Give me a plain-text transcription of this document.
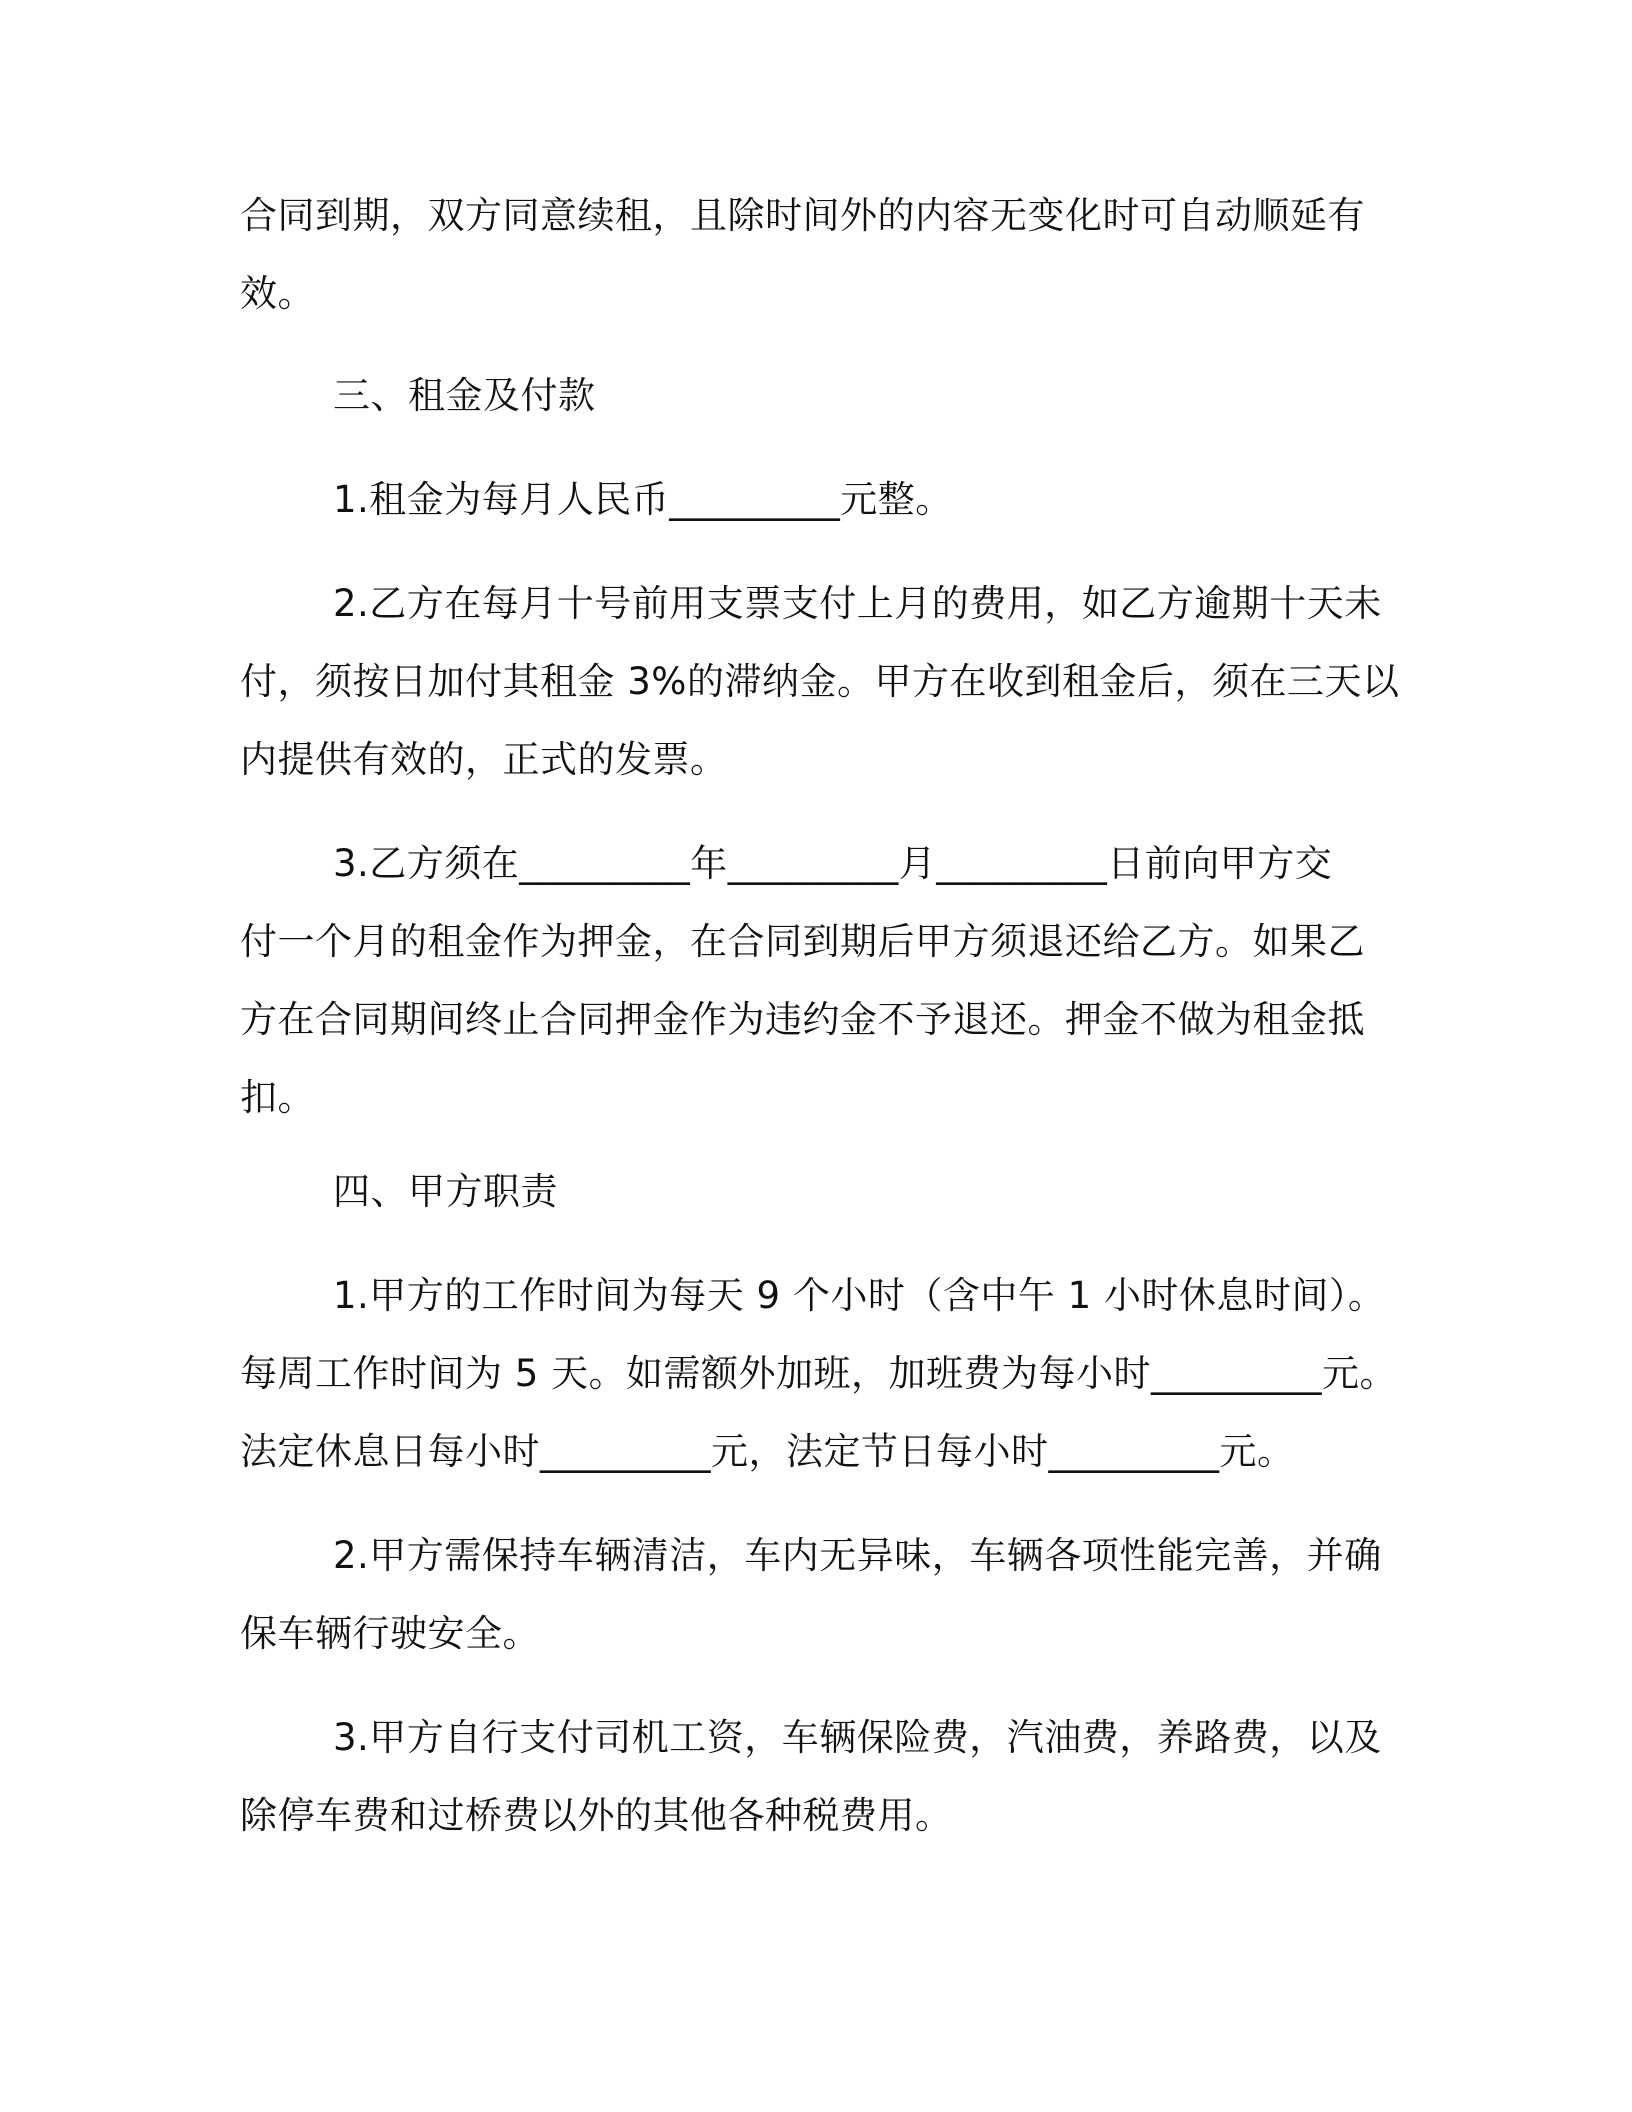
合同到期，双方同意续租，且除时间外的内容无变化时可自动顺延有
效。
三、租金及付款
1.租金为每月人民币_________元整。
2.乙方在每月十号前用支票支付上月的费用，如乙方逾期十天未
付，须按日加付其租金 3%的滞纳金。甲方在收到租金后，须在三天以
内提供有效的，正式的发票。
3.乙方须在_________年_________月_________日前向甲方交
付一个月的租金作为押金，在合同到期后甲方须退还给乙方。如果乙
方在合同期间终止合同押金作为违约金不予退还。押金不做为租金抵
扣。
四、甲方职责
1.甲方的工作时间为每天 9 个小时（含中午 1 小时休息时间）。
每周工作时间为 5 天。如需额外加班，加班费为每小时_________元。
法定休息日每小时_________元，法定节日每小时_________元。
2.甲方需保持车辆清洁，车内无异味，车辆各项性能完善，并确
保车辆行驶安全。
3.甲方自行支付司机工资，车辆保险费，汽油费，养路费，以及
除停车费和过桥费以外的其他各种税费用。
